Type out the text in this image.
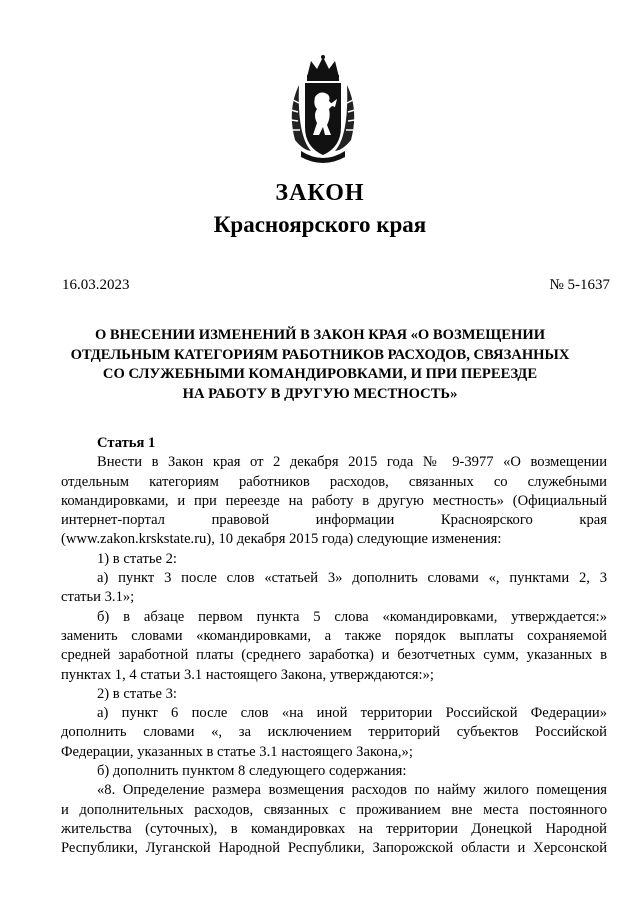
ЗАКОН
Красноярского края
16.03.2023	№ 5-1637
О ВНЕСЕНИИ ИЗМЕНЕНИЙ В ЗАКОН КРАЯ «О ВОЗМЕЩЕНИИ
ОТДЕЛЬНЫМ КАТЕГОРИЯМ РАБОТНИКОВ РАСХОДОВ, СВЯЗАННЫХ
СО СЛУЖЕБНЫМИ КОМАНДИРОВКАМИ, И ПРИ ПЕРЕЕЗДЕ
НА РАБОТУ В ДРУГУЮ МЕСТНОСТЬ»
Статья 1
Внести в Закон края от 2 декабря 2015 года № 9-3977 «О возмещении
отдельным категориям работников расходов, связанных со служебными
командировками, и при переезде на работу в другую местность» (Официальный
интернет-портал правовой информации Красноярского края
(www.zakon.krskstate.ru), 10 декабря 2015 года) следующие изменения:
1) в статье 2:
а) пункт 3 после слов «статьей 3» дополнить словами «, пунктами 2, 3
статьи 3.1»;
б) в абзаце первом пункта 5 слова «командировками, утверждается:»
заменить словами «командировками, а также порядок выплаты сохраняемой
средней заработной платы (среднего заработка) и безотчетных сумм, указанных в
пунктах 1, 4 статьи 3.1 настоящего Закона, утверждаются:»;
2) в статье 3:
а) пункт 6 после слов «на иной территории Российской Федерации»
дополнить словами «, за исключением территорий субъектов Российской
Федерации, указанных в статье 3.1 настоящего Закона,»;
б) дополнить пунктом 8 следующего содержания:
«8. Определение размера возмещения расходов по найму жилого помещения
и дополнительных расходов, связанных с проживанием вне места постоянного
жительства (суточных), в командировках на территории Донецкой Народной
Республики, Луганской Народной Республики, Запорожской области и Херсонской
